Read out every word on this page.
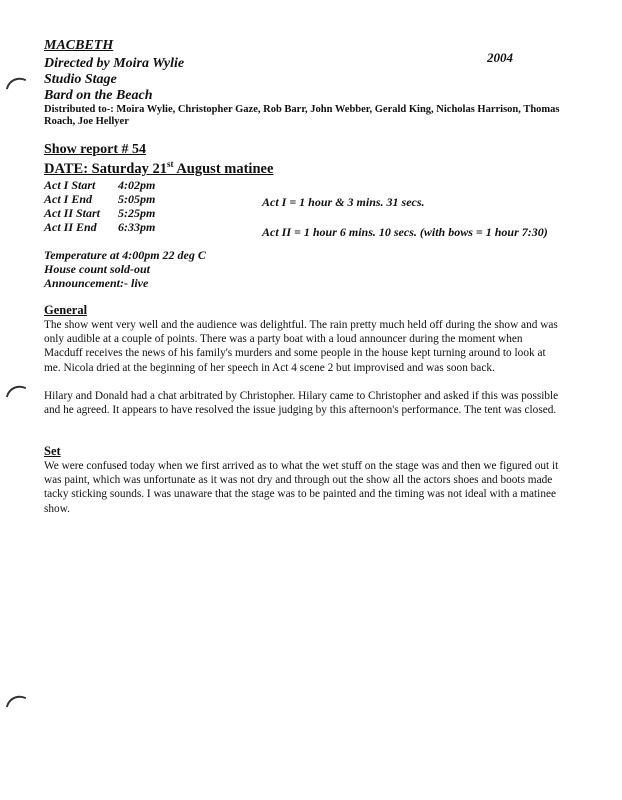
MACBETH
Directed by Moira Wylie
Studio Stage
Bard on the Beach
2004
Distributed to-: Moira Wylie, Christopher Gaze, Rob Barr, John Webber, Gerald King, Nicholas Harrison, Thomas Roach, Joe Hellyer
Show report # 54
DATE: Saturday 21st August matinee
Act I Start 4:02pm
Act I End 5:05pm
Act II Start 5:25pm
Act II End 6:33pm
Act I = 1 hour & 3 mins. 31 secs.
Act II = 1 hour 6 mins. 10 secs. (with bows = 1 hour 7:30)
Temperature at 4:00pm 22 deg C
House count sold-out
Announcement:- live
General
The show went very well and the audience was delightful. The rain pretty much held off during the show and was only audible at a couple of points. There was a party boat with a loud announcer during the moment when Macduff receives the news of his family's murders and some people in the house kept turning around to look at me. Nicola dried at the beginning of her speech in Act 4 scene 2 but improvised and was soon back.
Hilary and Donald had a chat arbitrated by Christopher. Hilary came to Christopher and asked if this was possible and he agreed. It appears to have resolved the issue judging by this afternoon's performance. The tent was closed.
Set
We were confused today when we first arrived as to what the wet stuff on the stage was and then we figured out it was paint, which was unfortunate as it was not dry and through out the show all the actors shoes and boots made tacky sticking sounds. I was unaware that the stage was to be painted and the timing was not ideal with a matinee show.
